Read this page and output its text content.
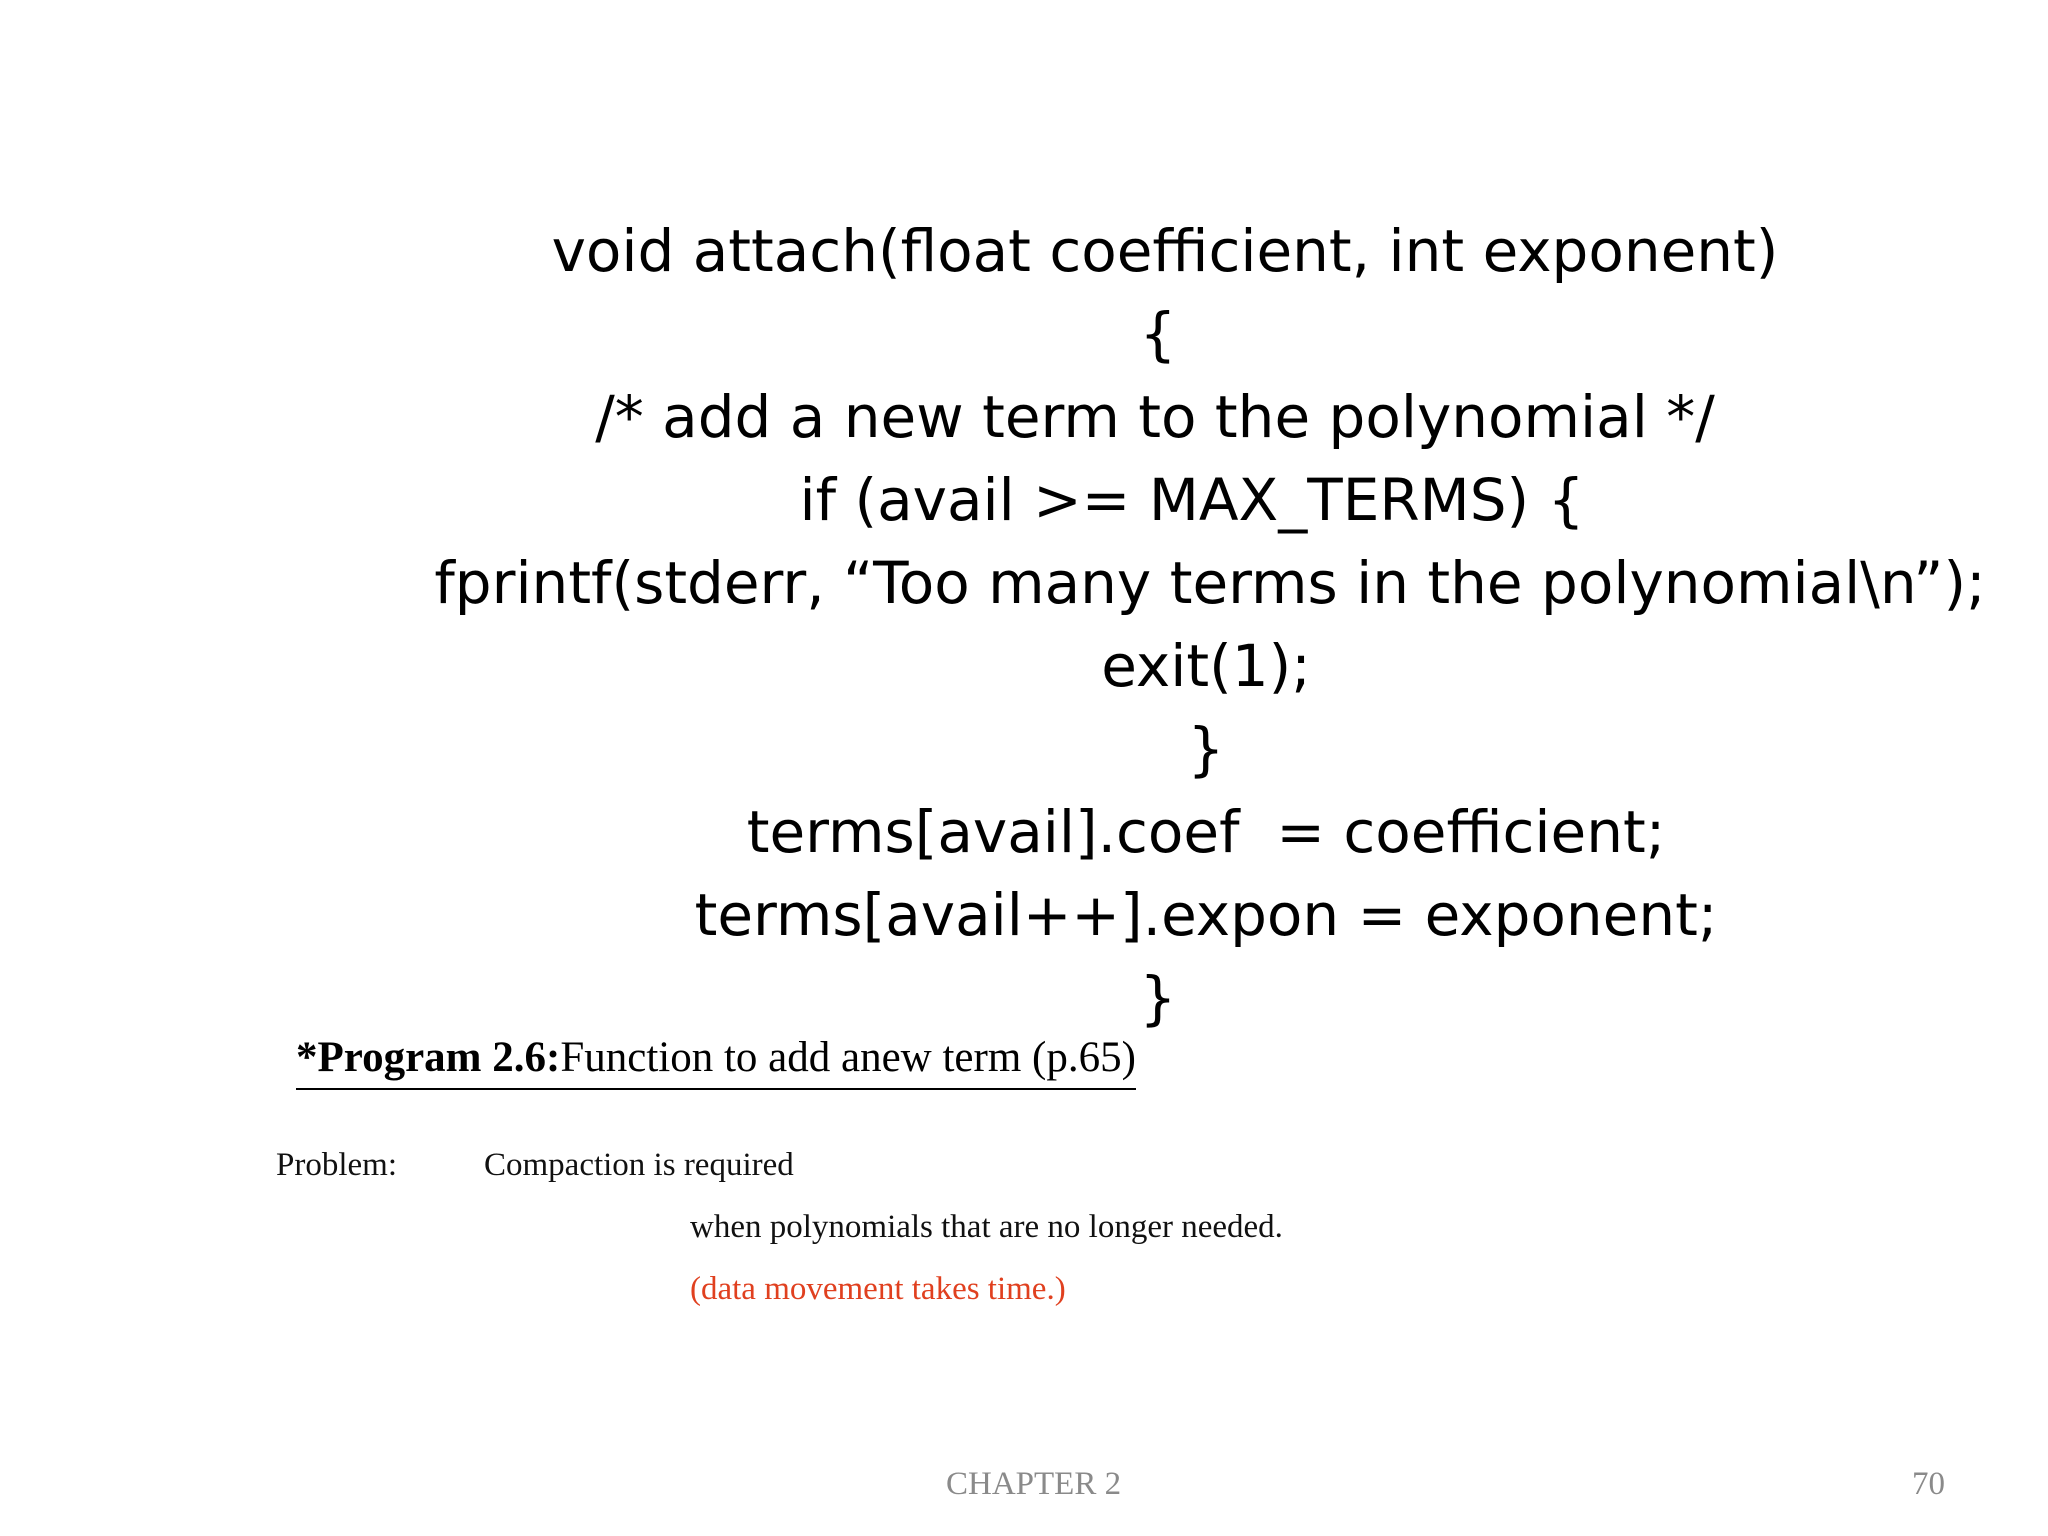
void attach(float coefficient, int exponent)
{
/* add a new term to the polynomial */
if (avail >= MAX_TERMS) {
fprintf(stderr, “Too many terms in the polynomial\n”);
exit(1);
}
terms[avail].coef  = coefficient;
terms[avail++].expon = exponent;
}
*Program 2.6:Function to add anew term (p.65)
Problem:	Compaction is required
when polynomials that are no longer needed.
(data movement takes time.)
CHAPTER 2	70
